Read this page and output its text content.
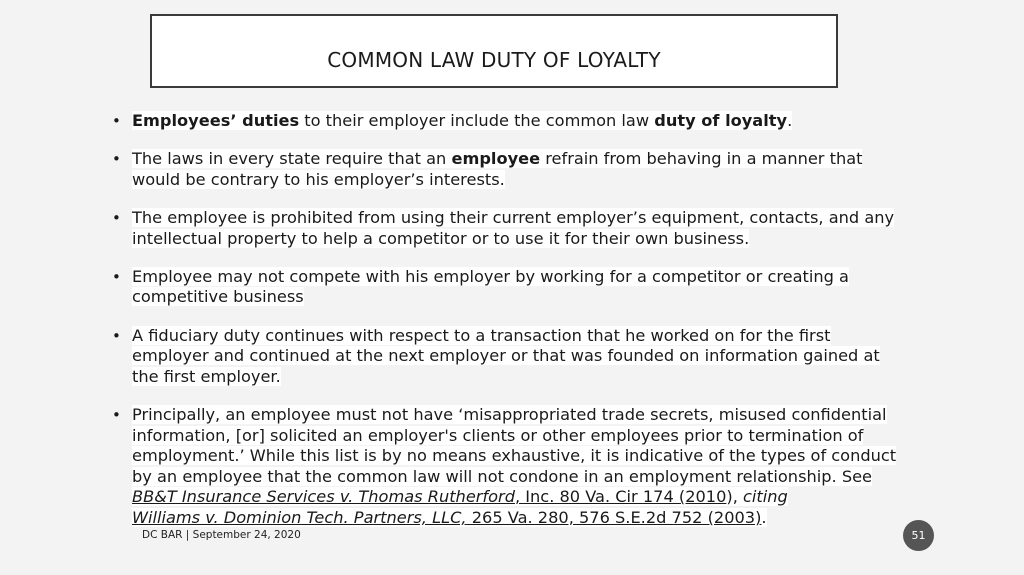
COMMON LAW DUTY OF LOYALTY
• Employees’ duties to their employer include the common law duty of loyalty.
• The laws in every state require that an employee refrain from behaving in a manner that would be contrary to his employer’s interests.
• The employee is prohibited from using their current employer’s equipment, contacts, and any intellectual property to help a competitor or to use it for their own business.
• Employee may not compete with his employer by working for a competitor or creating a competitive business
• A fiduciary duty continues with respect to a transaction that he worked on for the first employer and continued at the next employer or that was founded on information gained at the first employer.
• Principally, an employee must not have ‘misappropriated trade secrets, misused confidential information, [or] solicited an employer's clients or other employees prior to termination of employment.’ While this list is by no means exhaustive, it is indicative of the types of conduct by an employee that the common law will not condone in an employment relationship. See BB&T Insurance Services v. Thomas Rutherford, Inc. 80 Va. Cir 174 (2010), citing
Williams v. Dominion Tech. Partners, LLC, 265 Va. 280, 576 S.E.2d 752 (2003).
DC BAR | September 24, 2020	51
